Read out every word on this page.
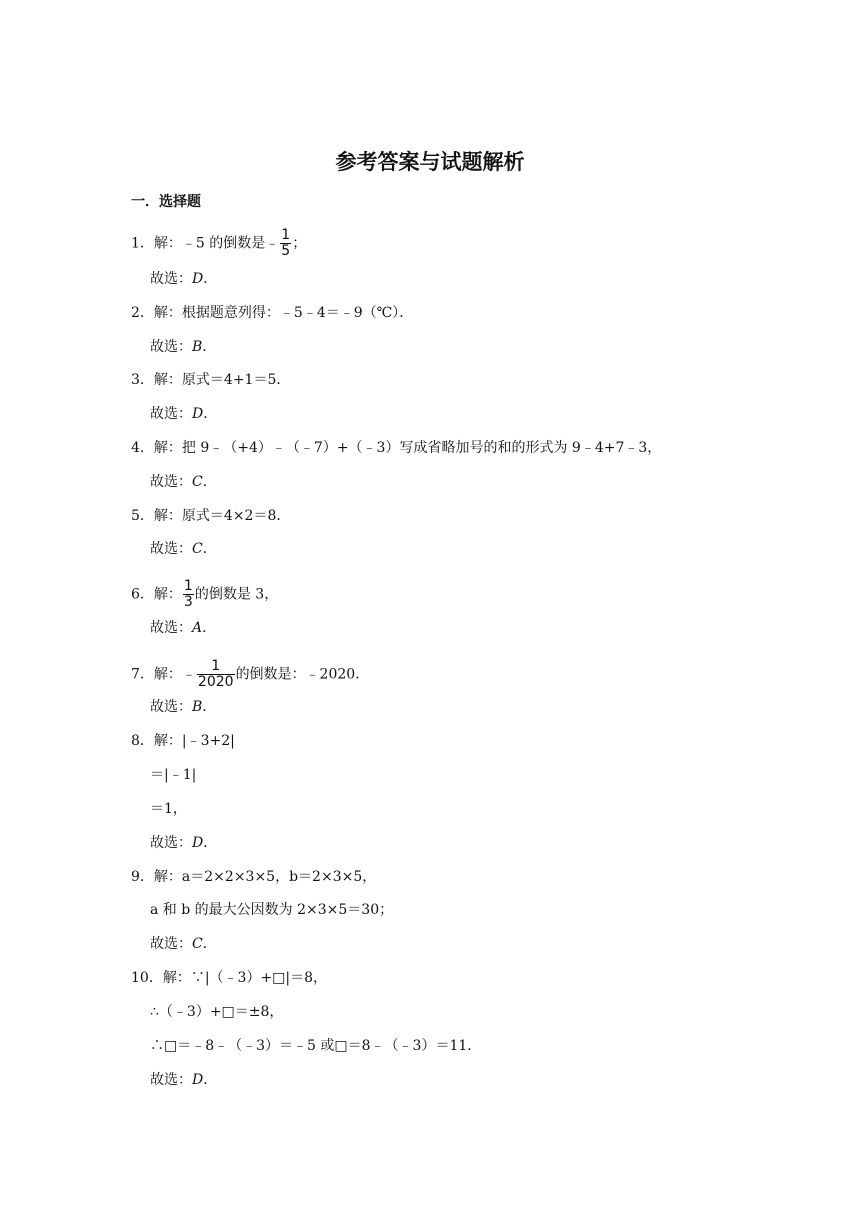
参考答案与试题解析
一．选择题
1．解：﹣5 的倒数是﹣ $\frac{1}{5}$ ；
故选：D．
2．解：根据题意列得：﹣5﹣4＝﹣9（℃）．
故选：B．
3．解：原式＝4+1＝5．
故选：D．
4．解：把 9﹣（+4）﹣（﹣7）+（﹣3）写成省略加号的和的形式为 9﹣4+7﹣3，
故选：C．
5．解：原式＝4×2＝8．
故选：C．
6．解： $\frac{1}{3}$ 的倒数是 3，
故选：A．
7．解：﹣ $\frac{1}{2020}$ 的倒数是：﹣2020．
故选：B．
8．解：|﹣3+2|
＝|﹣1|
＝1，
故选：D．
9．解：a＝2×2×3×5，b＝2×3×5，
a 和 b 的最大公因数为 2×3×5＝30；
故选：C．
10．解：∵|（﹣3）+□|＝8，
∴（﹣3）+□＝±8，
∴□＝﹣8﹣（﹣3）＝﹣5 或□＝8﹣（﹣3）＝11．
故选：D．
